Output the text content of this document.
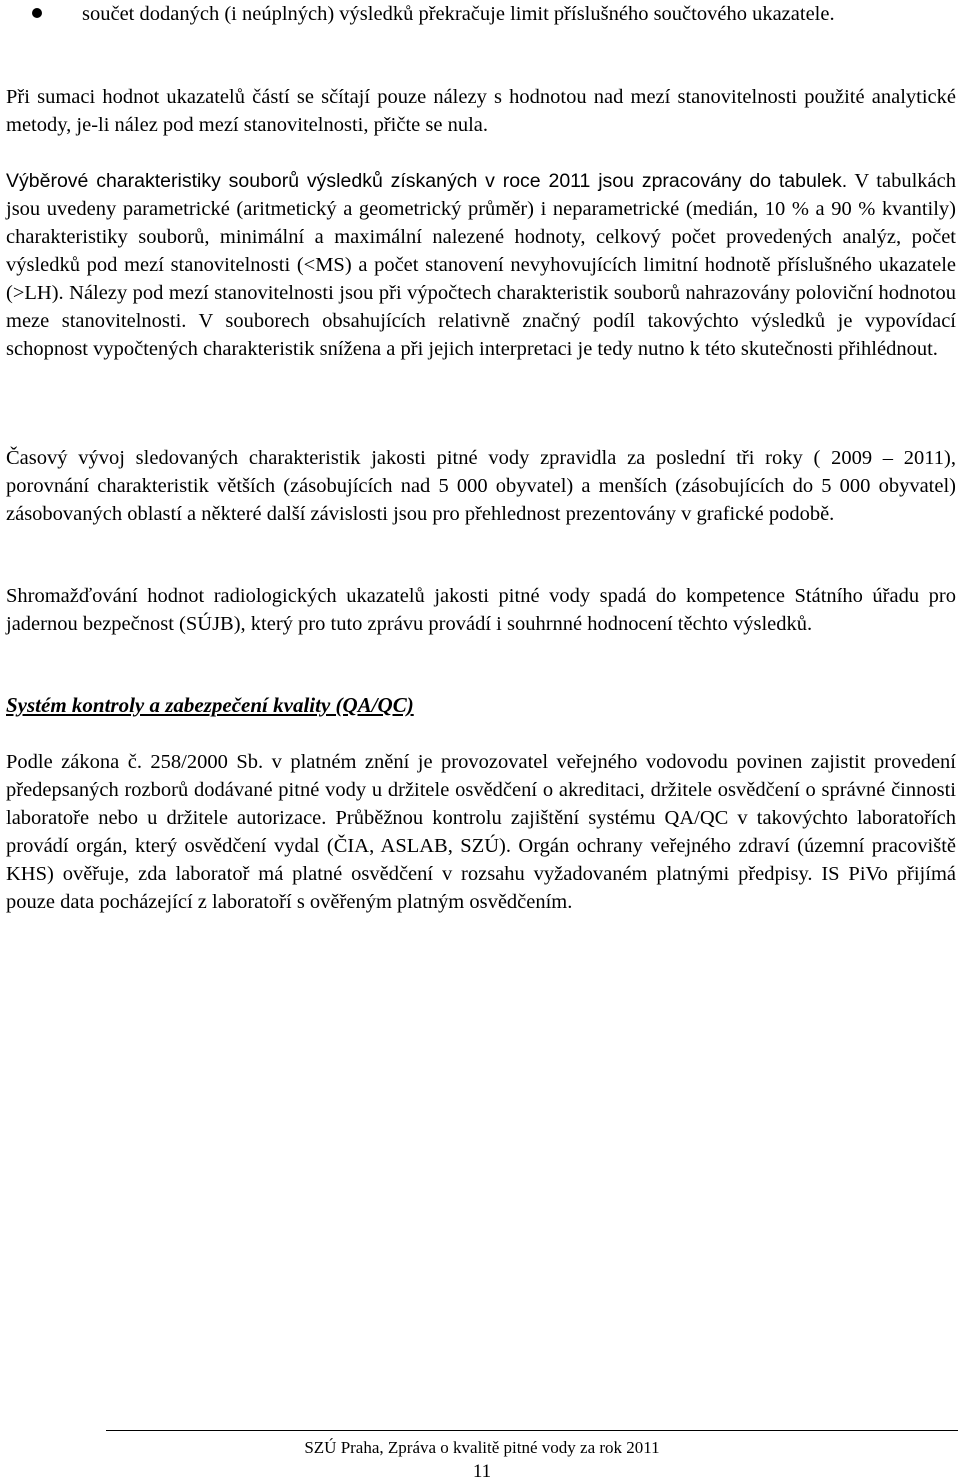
součet dodaných (i neúplných) výsledků překračuje limit příslušného součtového ukazatele.
Při sumaci hodnot ukazatelů částí se sčítají pouze nálezy s hodnotou nad mezí stanovitelnosti použité analytické metody, je-li nález pod mezí stanovitelnosti, přičte se nula.
Výběrové charakteristiky souborů výsledků získaných v roce 2011 jsou zpracovány do tabulek. V tabulkách jsou uvedeny parametrické (aritmetický a geometrický průměr) i neparametrické (medián, 10 % a 90 % kvantily) charakteristiky souborů, minimální a maximální nalezené hodnoty, celkový počet provedených analýz, počet výsledků pod mezí stanovitelnosti (<MS) a počet stanovení nevyhovujících limitní hodnotě příslušného ukazatele (>LH). Nálezy pod mezí stanovitelnosti jsou při výpočtech charakteristik souborů nahrazovány poloviční hodnotou meze stanovitelnosti. V souborech obsahujících relativně značný podíl takovýchto výsledků je vypovídací schopnost vypočtených charakteristik snížena a při jejich interpretaci je tedy nutno k této skutečnosti přihlédnout.
Časový vývoj sledovaných charakteristik jakosti pitné vody zpravidla za poslední tři roky ( 2009 – 2011), porovnání charakteristik větších (zásobujících nad 5 000 obyvatel) a menších (zásobujících do 5 000 obyvatel) zásobovaných oblastí a některé další závislosti jsou pro přehlednost prezentovány v grafické podobě.
Shromažďování hodnot radiologických ukazatelů jakosti pitné vody spadá do kompetence Státního úřadu pro jadernou bezpečnost (SÚJB), který pro tuto zprávu provádí i souhrnné hodnocení těchto výsledků.
Systém kontroly a zabezpečení kvality (QA/QC)
Podle zákona č. 258/2000 Sb. v platném znění je provozovatel veřejného vodovodu povinen zajistit provedení předepsaných rozborů dodávané pitné vody u držitele osvědčení o akreditaci, držitele osvědčení o správné činnosti laboratoře nebo u držitele autorizace. Průběžnou kontrolu zajištění systému QA/QC v takovýchto laboratořích provádí orgán, který osvědčení vydal (ČIA, ASLAB, SZÚ). Orgán ochrany veřejného zdraví (územní pracoviště KHS) ověřuje, zda laboratoř má platné osvědčení v rozsahu vyžadovaném platnými předpisy. IS PiVo přijímá pouze data pocházející z laboratoří s ověřeným platným osvědčením.
SZÚ Praha, Zpráva o kvalitě pitné vody za rok 2011
11
